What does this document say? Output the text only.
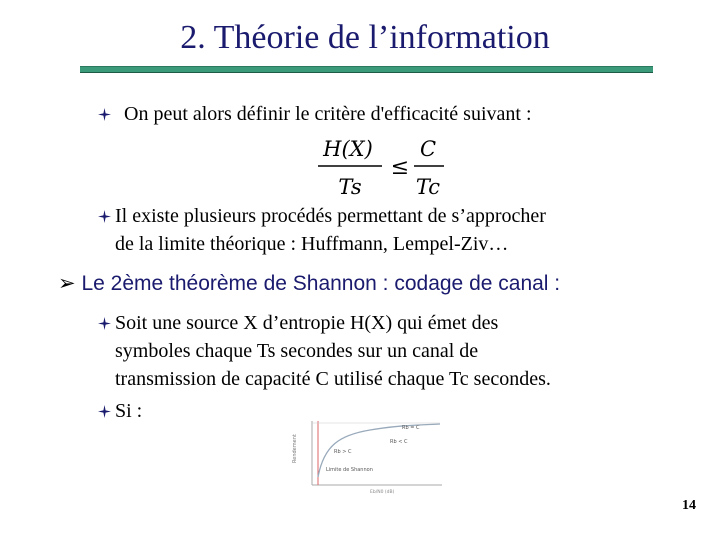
2. Théorie de l’information
On peut alors définir le critère d'efficacité suivant :
H(X)
Ts
≤
C
Tc
Il existe plusieurs procédés permettant de s’approcher
de la limite théorique : Huffmann, Lempel-Ziv…
➢ Le 2ème théorème de Shannon : codage de canal :
Soit une source X d’entropie H(X) qui émet des
symboles chaque Ts secondes sur un canal de
transmission de capacité C utilisé chaque Tc secondes.
Si :
Rendement
Rb = C
Rb < C
Rb > C
Limite de Shannon
Eb/N0 (dB)
14
